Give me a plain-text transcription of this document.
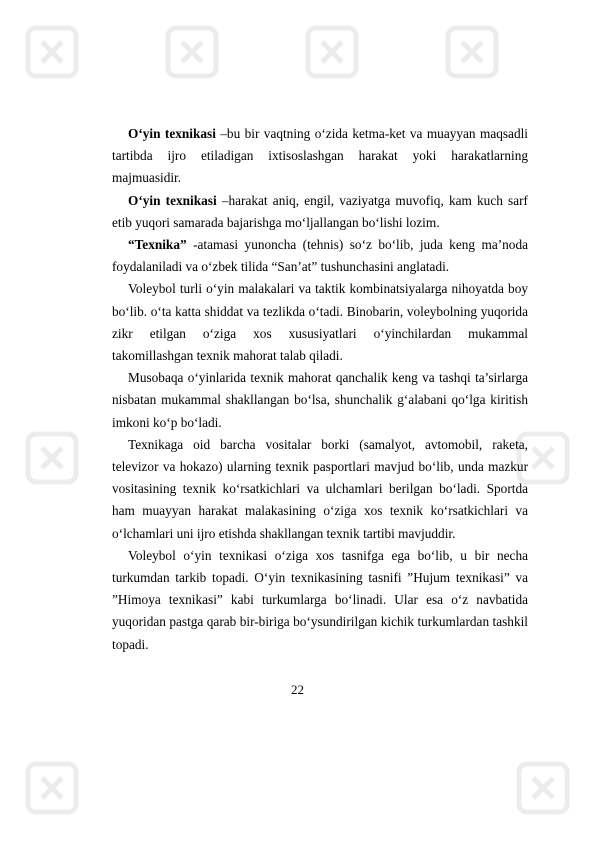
O‘yin texnikasi –bu bir vaqtning o‘zida ketma-ket va muayyan maqsadli tartibda ijro etiladigan ixtisoslashgan harakat yoki harakatlarning majmuasidir.

O‘yin texnikasi –harakat aniq, engil, vaziyatga muvofiq, kam kuch sarf etib yuqori samarada bajarishga mo‘ljallangan bo‘lishi lozim.

“Texnika” -atamasi yunoncha (tehnis) so‘z bo‘lib, juda keng ma’noda foydalaniladi va o‘zbek tilida “San’at” tushunchasini anglatadi.

Voleybol turli o‘yin malakalari va taktik kombinatsiyalarga nihoyatda boy bo‘lib. o‘ta katta shiddat va tezlikda o‘tadi. Binobarin, voleybolning yuqorida zikr etilgan o‘ziga xos xususiyatlari o‘yinchilardan mukammal takomillashgan texnik mahorat talab qiladi.

Musobaqa o‘yinlarida texnik mahorat qanchalik keng va tashqi ta’sirlarga nisbatan mukammal shakllangan bo‘lsa, shunchalik g‘alabani qo‘lga kiritish imkoni ko‘p bo‘ladi.

Texnikaga oid barcha vositalar borki (samalyot, avtomobil, raketa, televizor va hokazo) ularning texnik pasportlari mavjud bo‘lib, unda mazkur vositasining texnik ko‘rsatkichlari va ulchamlari berilgan bo‘ladi. Sportda ham muayyan harakat malakasining o‘ziga xos texnik ko‘rsatkichlari va o‘lchamlari uni ijro etishda shakllangan texnik tartibi mavjuddir.

Voleybol o‘yin texnikasi o‘ziga xos tasnifga ega bo‘lib, u bir necha turkumdan tarkib topadi. O‘yin texnikasining tasnifi ”Hujum texnikasi” va ”Himoya texnikasi” kabi turkumlarga bo‘linadi. Ular esa o‘z navbatida yuqoridan pastga qarab bir-biriga bo‘ysundirilgan kichik turkumlardan tashkil topadi.

22
